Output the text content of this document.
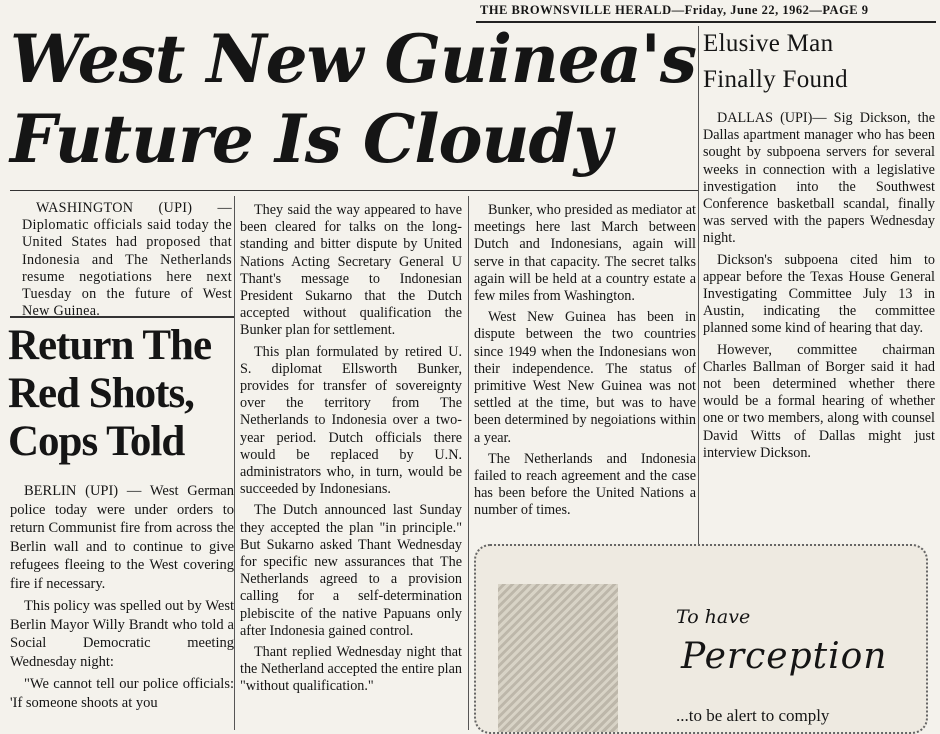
THE BROWNSVILLE HERALD—Friday, June 22, 1962—PAGE 9
West New Guinea's
Future Is Cloudy
Elusive Man
Finally Found

DALLAS (UPI)— Sig Dickson, the Dallas apartment manager who has been sought by subpoena servers for several weeks in connection with a legislative investigation into the Southwest Conference basketball scandal, finally was served with the papers Wednesday night.

Dickson's subpoena cited him to appear before the Texas House General Investigating Committee July 13 in Austin, indicating the committee planned some kind of hearing that day.

However, committee chairman Charles Ballman of Borger said it had not been determined whether there would be a formal hearing of whether one or two members, along with counsel David Witts of Dallas might just interview Dickson.

WASHINGTON (UPI) — Diplomatic officials said today the United States had proposed that Indonesia and The Netherlands resume negotiations here next Tuesday on the future of West New Guinea.

Return The
Red Shots,
Cops Told

BERLIN (UPI) — West German police today were under orders to return Communist fire from across the Berlin wall and to continue to give refugees fleeing to the West covering fire if necessary.

This policy was spelled out by West Berlin Mayor Willy Brandt who told a Social Democratic meeting Wednesday night:

"We cannot tell our police officials: 'If someone shoots at you

They said the way appeared to have been cleared for talks on the long-standing and bitter dispute by United Nations Acting Secretary General U Thant's message to Indonesian President Sukarno that the Dutch accepted without qualification the Bunker plan for settlement.

This plan formulated by retired U. S. diplomat Ellsworth Bunker, provides for transfer of sovereignty over the territory from The Netherlands to Indonesia over a two-year period. Dutch officials there would be replaced by U.N. administrators who, in turn, would be succeeded by Indonesians.

The Dutch announced last Sunday they accepted the plan "in principle." But Sukarno asked Thant Wednesday for specific new assurances that The Netherlands agreed to a provision calling for a self-determination plebiscite of the native Papuans only after Indonesia gained control.

Thant replied Wednesday night that the Netherland accepted the entire plan "without qualification."

Bunker, who presided as mediator at meetings here last March between Dutch and Indonesians, again will serve in that capacity. The secret talks again will be held at a country estate a few miles from Washington.

West New Guinea has been in dispute between the two countries since 1949 when the Indonesians won their independence. The status of primitive West New Guinea was not settled at the time, but was to have been determined by negoiations within a year.

The Netherlands and Indonesia failed to reach agreement and the case has been before the United Nations a number of times.

To have
Perception
...to be alert to comply
